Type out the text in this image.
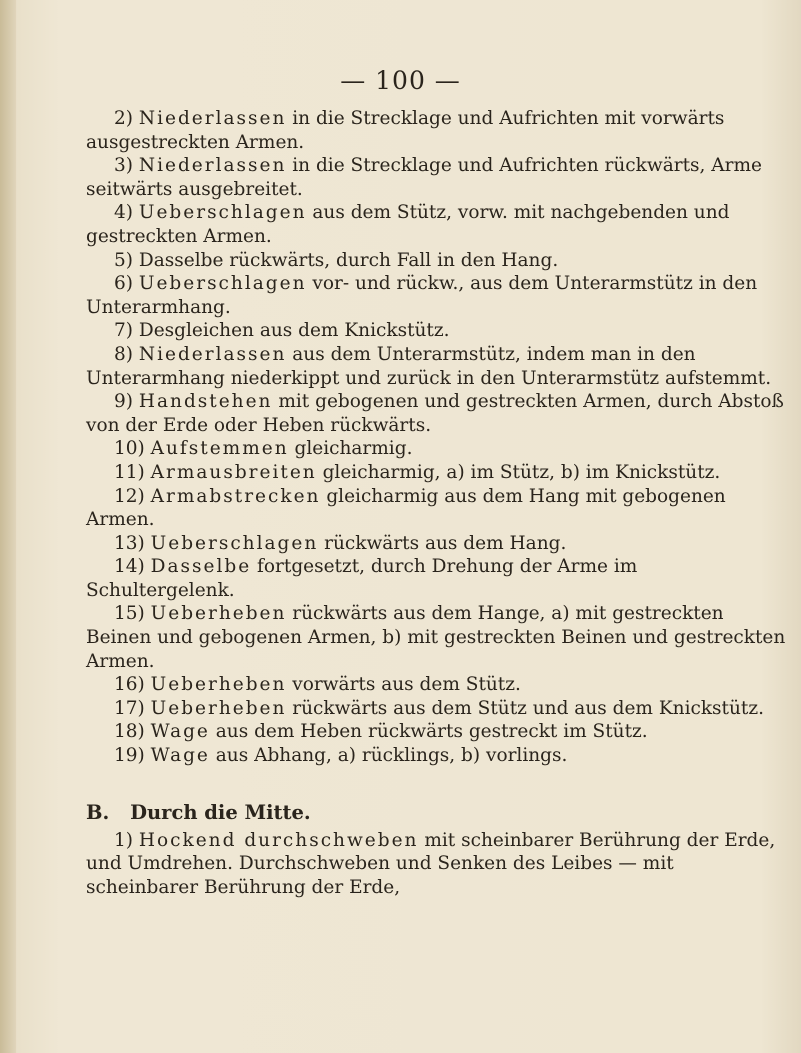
— 100 —

2) Niederlassen in die Strecklage und Aufrichten mit vorwärts ausgestreckten Armen.

3) Niederlassen in die Strecklage und Aufrichten rückwärts, Arme seitwärts ausgebreitet.

4) Ueberschlagen aus dem Stütz, vorw. mit nachgebenden und gestreckten Armen.

5) Dasselbe rückwärts, durch Fall in den Hang.

6) Ueberschlagen vor- und rückw., aus dem Unterarmstütz in den Unterarmhang.

7) Desgleichen aus dem Knickstütz.

8) Niederlassen aus dem Unterarmstütz, indem man in den Unterarmhang niederkippt und zurück in den Unterarmstütz aufstemmt.

9) Handstehen mit gebogenen und gestreckten Armen, durch Abstoß von der Erde oder Heben rückwärts.

10) Aufstemmen gleicharmig.

11) Armausbreiten gleicharmig, a) im Stütz, b) im Knickstütz.

12) Armabstrecken gleicharmig aus dem Hang mit gebogenen Armen.

13) Ueberschlagen rückwärts aus dem Hang.

14) Dasselbe fortgesetzt, durch Drehung der Arme im Schultergelenk.

15) Ueberheben rückwärts aus dem Hange, a) mit gestreckten Beinen und gebogenen Armen, b) mit gestreckten Beinen und gestreckten Armen.

16) Ueberheben vorwärts aus dem Stütz.

17) Ueberheben rückwärts aus dem Stütz und aus dem Knickstütz.

18) Wage aus dem Heben rückwärts gestreckt im Stütz.

19) Wage aus Abhang, a) rücklings, b) vorlings.

B. Durch die Mitte.

1) Hockend durchschweben mit scheinbarer Berührung der Erde, und Umdrehen. Durchschweben und Senken des Leibes — mit scheinbarer Berührung der Erde,
